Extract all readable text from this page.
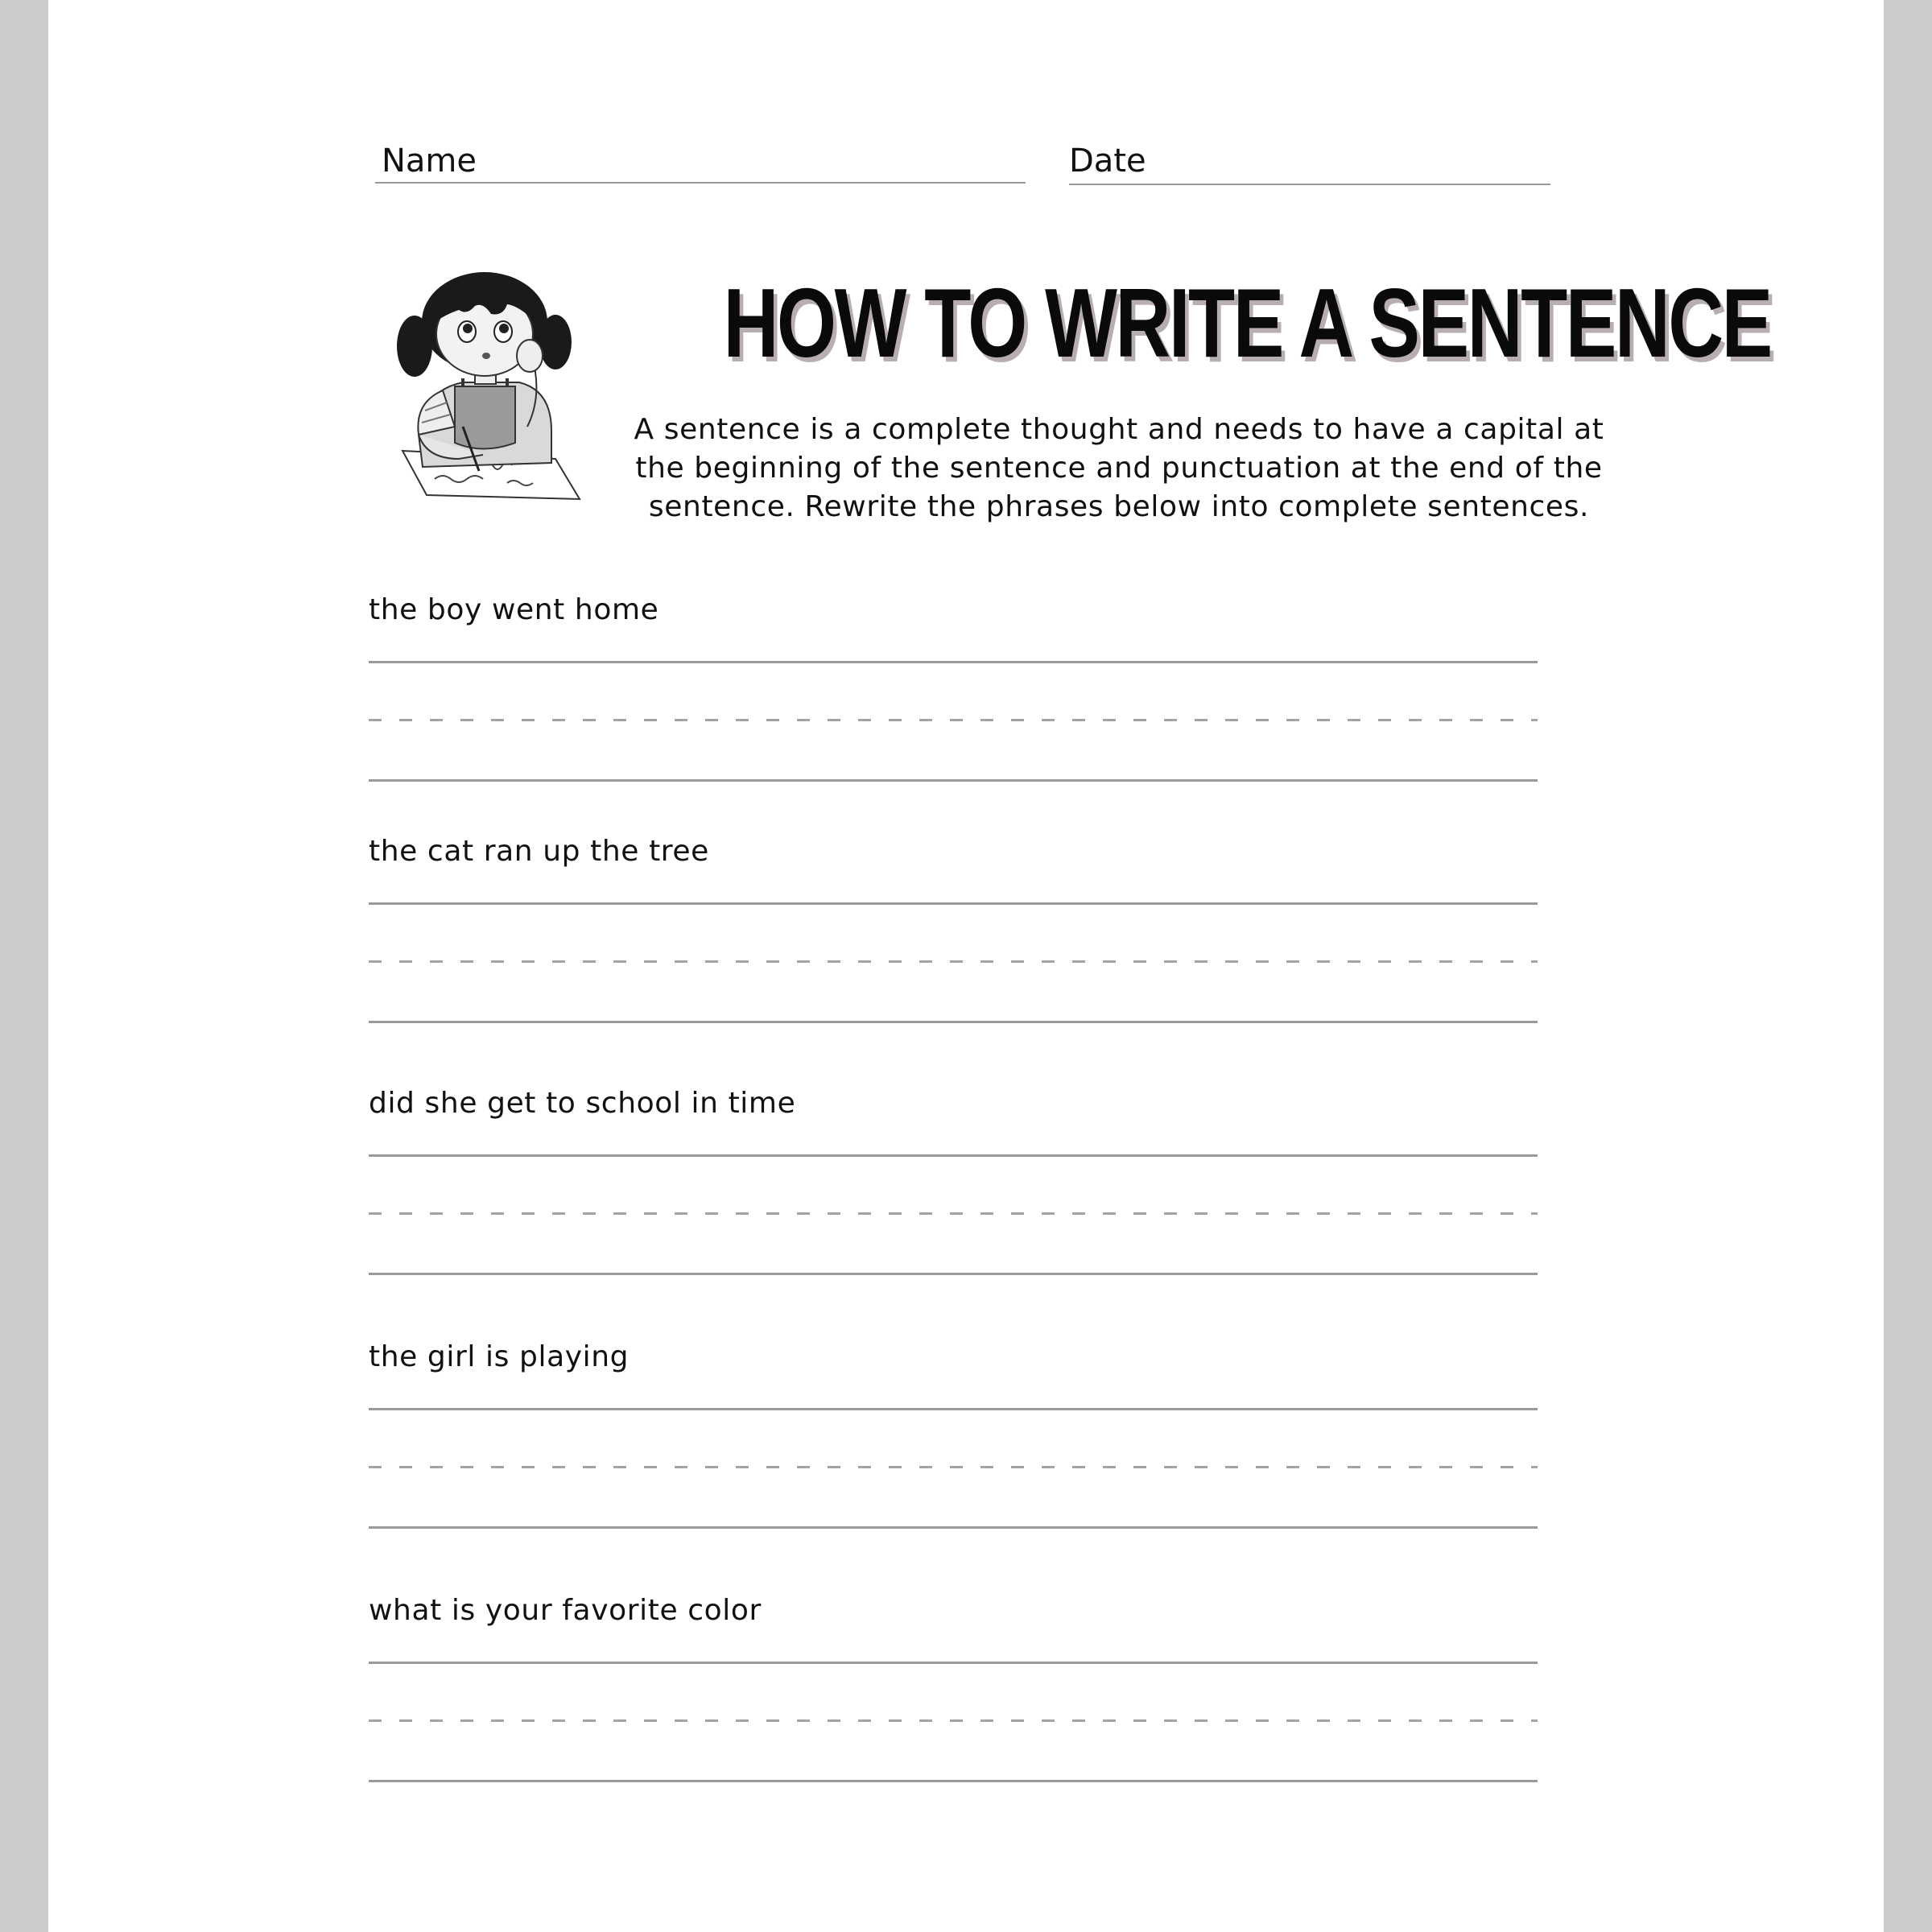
Name	Date
HOW TO WRITE A SENTENCE
A sentence is a complete thought and needs to have a capital at the beginning of the sentence and punctuation at the end of the sentence. Rewrite the phrases below into complete sentences.
the boy went home
the cat ran up the tree
did she get to school in time
the girl is playing
what is your favorite color
